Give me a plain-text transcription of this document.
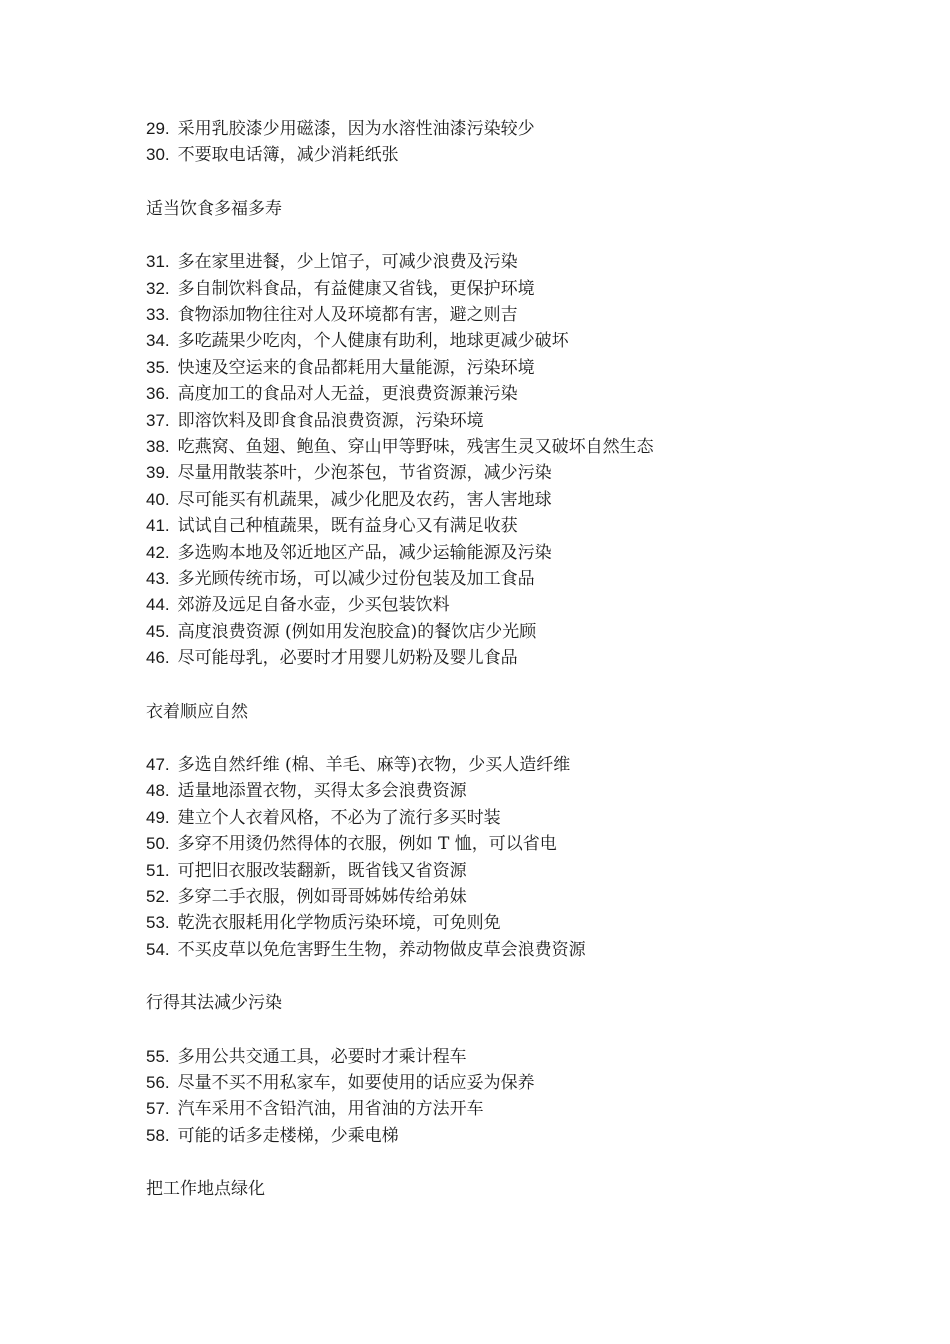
29. 采用乳胶漆少用磁漆，因为水溶性油漆污染较少
30. 不要取电话簿，减少消耗纸张
适当饮食多福多寿
31. 多在家里进餐，少上馆子，可减少浪费及污染
32. 多自制饮料食品，有益健康又省钱，更保护环境
33. 食物添加物往往对人及环境都有害，避之则吉
34. 多吃蔬果少吃肉，个人健康有助利，地球更减少破坏
35. 快速及空运来的食品都耗用大量能源，污染环境
36. 高度加工的食品对人无益，更浪费资源兼污染
37. 即溶饮料及即食食品浪费资源，污染环境
38. 吃燕窝、鱼翅、鲍鱼、穿山甲等野味，残害生灵又破坏自然生态
39. 尽量用散装茶叶，少泡茶包，节省资源，减少污染
40. 尽可能买有机蔬果，减少化肥及农药，害人害地球
41. 试试自己种植蔬果，既有益身心又有满足收获
42. 多选购本地及邻近地区产品，减少运输能源及污染
43. 多光顾传统市场，可以减少过份包装及加工食品
44. 郊游及远足自备水壶，少买包装饮料
45. 高度浪费资源 (例如用发泡胶盒)的餐饮店少光顾
46. 尽可能母乳，必要时才用婴儿奶粉及婴儿食品
衣着顺应自然
47. 多选自然纤维 (棉、羊毛、麻等)衣物，少买人造纤维
48. 适量地添置衣物，买得太多会浪费资源
49. 建立个人衣着风格，不必为了流行多买时装
50. 多穿不用烫仍然得体的衣服，例如 T 恤，可以省电
51. 可把旧衣服改装翻新，既省钱又省资源
52. 多穿二手衣服，例如哥哥姊姊传给弟妹
53. 乾洗衣服耗用化学物质污染环境，可免则免
54. 不买皮草以免危害野生生物，养动物做皮草会浪费资源
行得其法减少污染
55. 多用公共交通工具，必要时才乘计程车
56. 尽量不买不用私家车，如要使用的话应妥为保养
57. 汽车采用不含铅汽油，用省油的方法开车
58. 可能的话多走楼梯，少乘电梯
把工作地点绿化
